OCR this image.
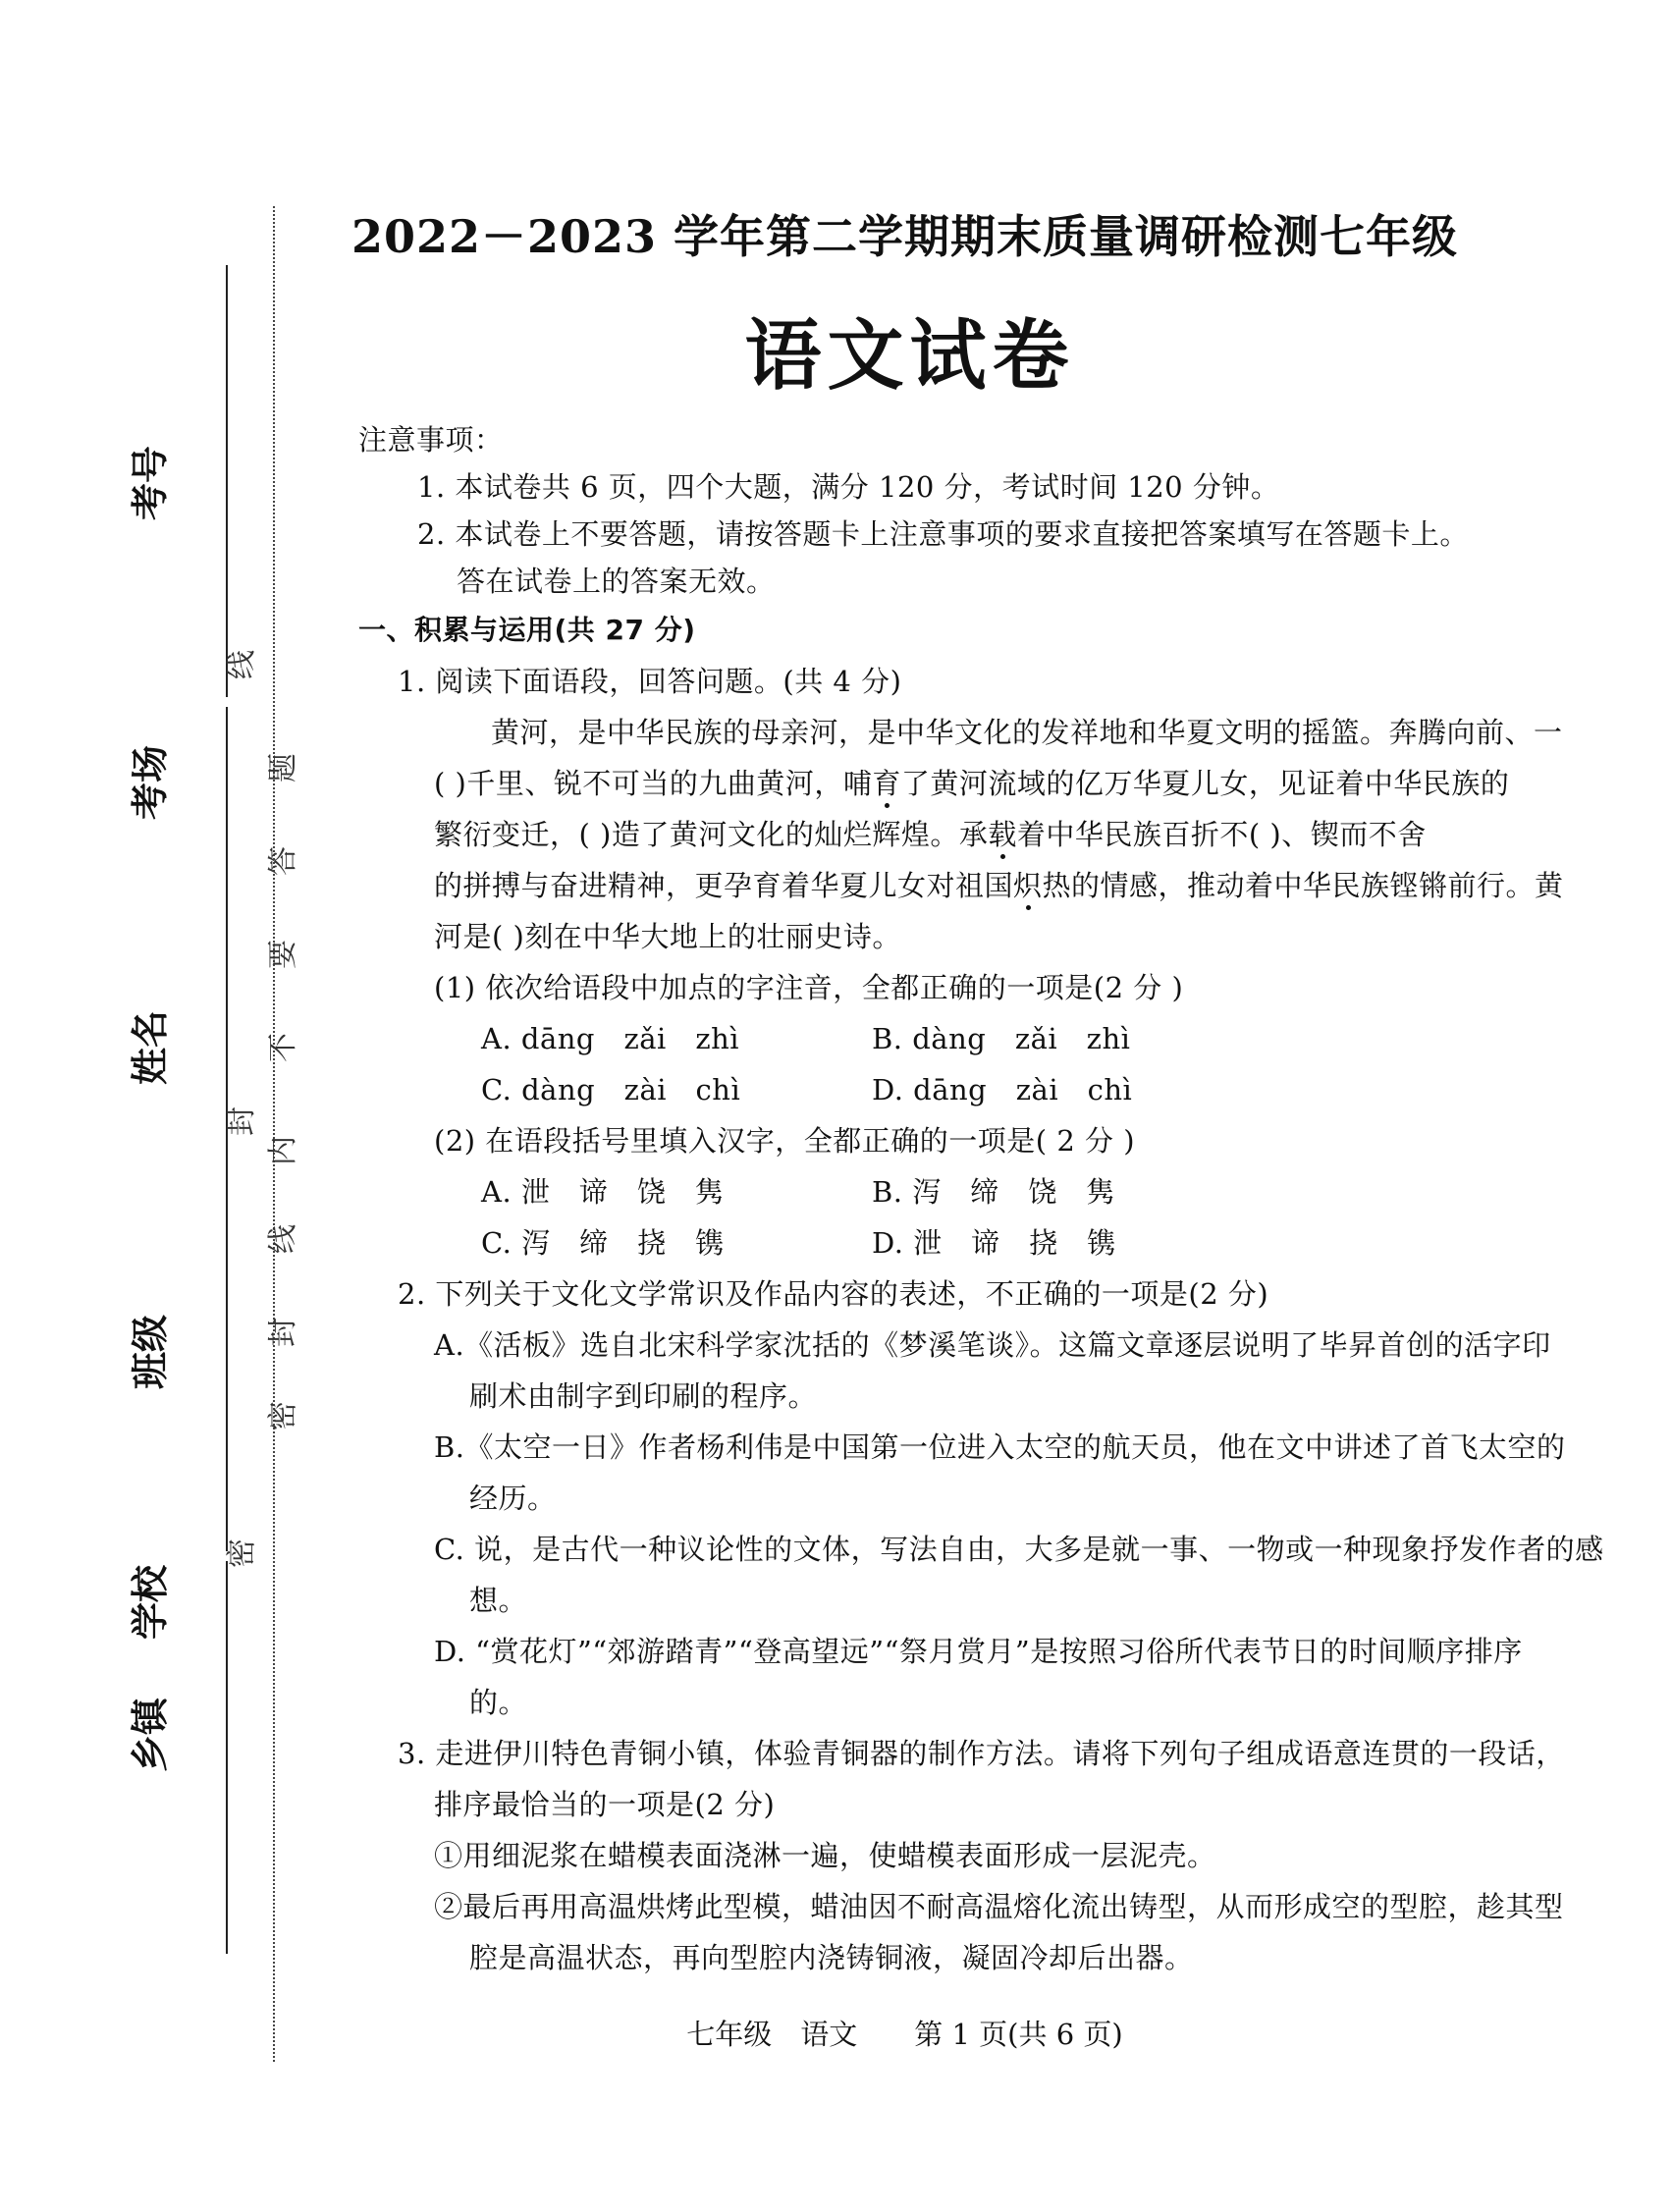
考号
考场
姓名
班级
乡镇
学校
线
题
答
要
不
内
封
线
封
密
密
2022－2023 学年第二学期期末质量调研检测七年级
语文试卷
注意事项：
1. 本试卷共 6 页，四个大题，满分 120 分，考试时间 120 分钟。
2. 本试卷上不要答题，请按答题卡上注意事项的要求直接把答案填写在答题卡上。
答在试卷上的答案无效。
一、积累与运用(共 27 分)
1. 阅读下面语段，回答问题。(共 4 分)
黄河，是中华民族的母亲河，是中华文化的发祥地和华夏文明的摇篮。奔腾向前、一
( )千里、锐不可当的九曲黄河，哺育了黄河流域的亿万华夏儿女，见证着中华民族的
繁衍变迁，( )造了黄河文化的灿烂辉煌。承载着中华民族百折不( )、锲而不舍
的拼搏与奋进精神，更孕育着华夏儿女对祖国炽热的情感，推动着中华民族铿锵前行。黄
河是( )刻在中华大地上的壮丽史诗。
(1) 依次给语段中加点的字注音，全都正确的一项是(2 分 )
A. dāng　zǎi　zhì	B. dàng　zǎi　zhì
C. dàng　zài　chì	D. dāng　zài　chì
(2) 在语段括号里填入汉字，全都正确的一项是( 2 分 )
A. 泄　谛　饶　隽	B. 泻　缔　饶　隽
C. 泻　缔　挠　镌	D. 泄　谛　挠　镌
2. 下列关于文化文学常识及作品内容的表述，不正确的一项是(2 分)
A.《活板》选自北宋科学家沈括的《梦溪笔谈》。这篇文章逐层说明了毕昇首创的活字印
刷术由制字到印刷的程序。
B.《太空一日》作者杨利伟是中国第一位进入太空的航天员，他在文中讲述了首飞太空的
经历。
C. 说，是古代一种议论性的文体，写法自由，大多是就一事、一物或一种现象抒发作者的感
想。
D. “赏花灯”“郊游踏青”“登高望远”“祭月赏月”是按照习俗所代表节日的时间顺序排序
的。
3. 走进伊川特色青铜小镇，体验青铜器的制作方法。请将下列句子组成语意连贯的一段话，
排序最恰当的一项是(2 分)
①用细泥浆在蜡模表面浇淋一遍，使蜡模表面形成一层泥壳。
②最后再用高温烘烤此型模，蜡油因不耐高温熔化流出铸型，从而形成空的型腔，趁其型
腔是高温状态，再向型腔内浇铸铜液，凝固冷却后出器。
七年级　语文　　第 1 页(共 6 页)
